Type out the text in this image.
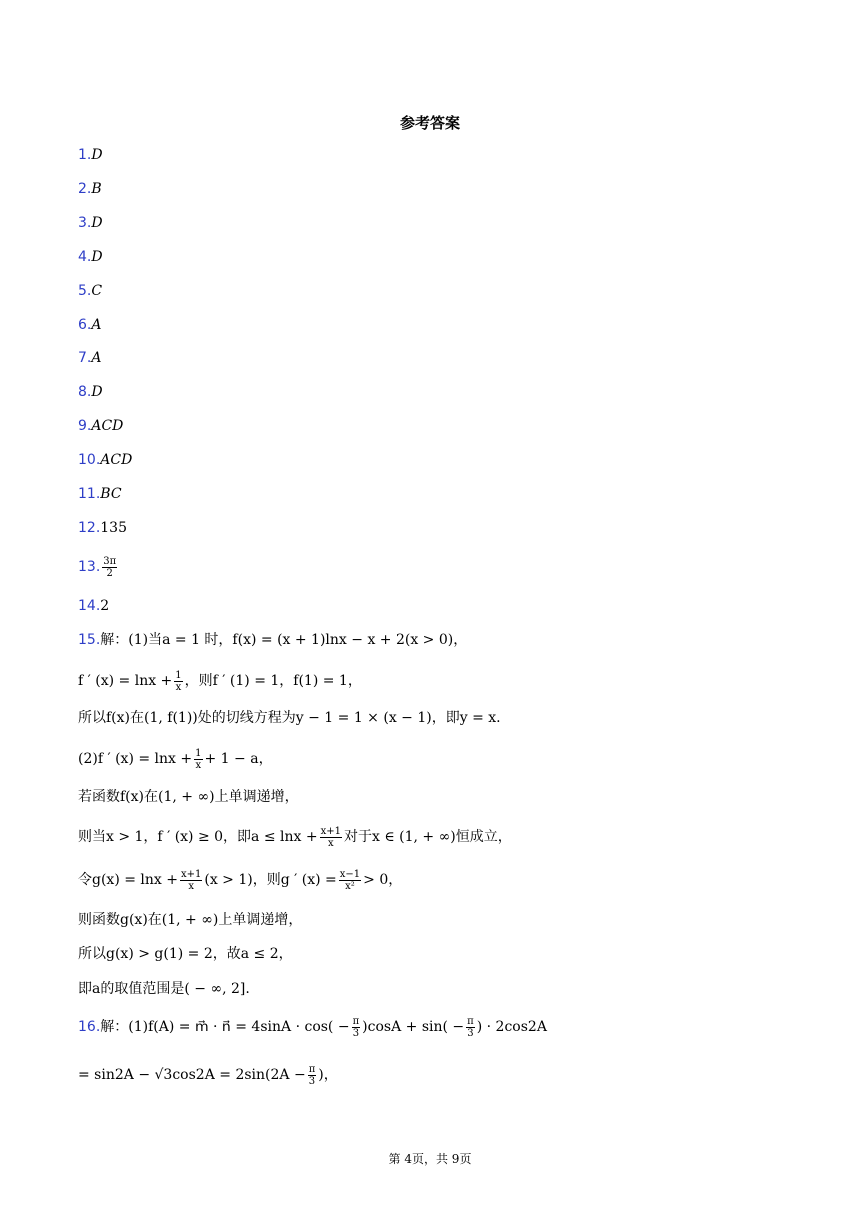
参考答案
1.D
2.B
3.D
4.D
5.C
6.A
7.A
8.D
9.ACD
10.ACD
11.BC
12.135
13. $\frac{3\pi}{2}$
14.2
15.解：(1)当a = 1 时，f(x) = (x + 1)lnx − x + 2(x > 0)，
f ′ $(x) = \ln x + \frac{1}{x}$ ，则f ′ (1) = 1，f(1) = 1，
所以f(x)在(1, f(1))处的切线方程为y − 1 = 1 × (x − 1)，即y = x.
(2)f ′ $(x) = \ln x + \frac{1}{x} + 1 - a$，
若函数f(x)在(1, + ∞)上单调递增，
则当x > 1，f ′ (x) ≥ 0，即$a \le \ln x + \frac{x+1}{x}$ 对于x ∈ (1, + ∞)恒成立，
令$g(x) = \ln x + \frac{x+1}{x} (x > 1)$，则g ′ $(x) = \frac{x-1}{\text{x²}} > 0$，
则函数g(x)在(1, + ∞)上单调递增，
所以g(x) > g(1) = 2，故a ≤ 2，
即a的取值范围是( − ∞, 2].
16.解：(1)f(A) = m⃗ · n⃗ = $4\sin A \cdot \cos( - \frac{\pi}{3} )\cos A + \sin( - \frac{\pi}{3}$ ) · 2cos2A
= $\sin 2A - √3\cos 2A = 2\sin(2A - \frac{\pi}{3}$ )，
第 4页，共 9页
